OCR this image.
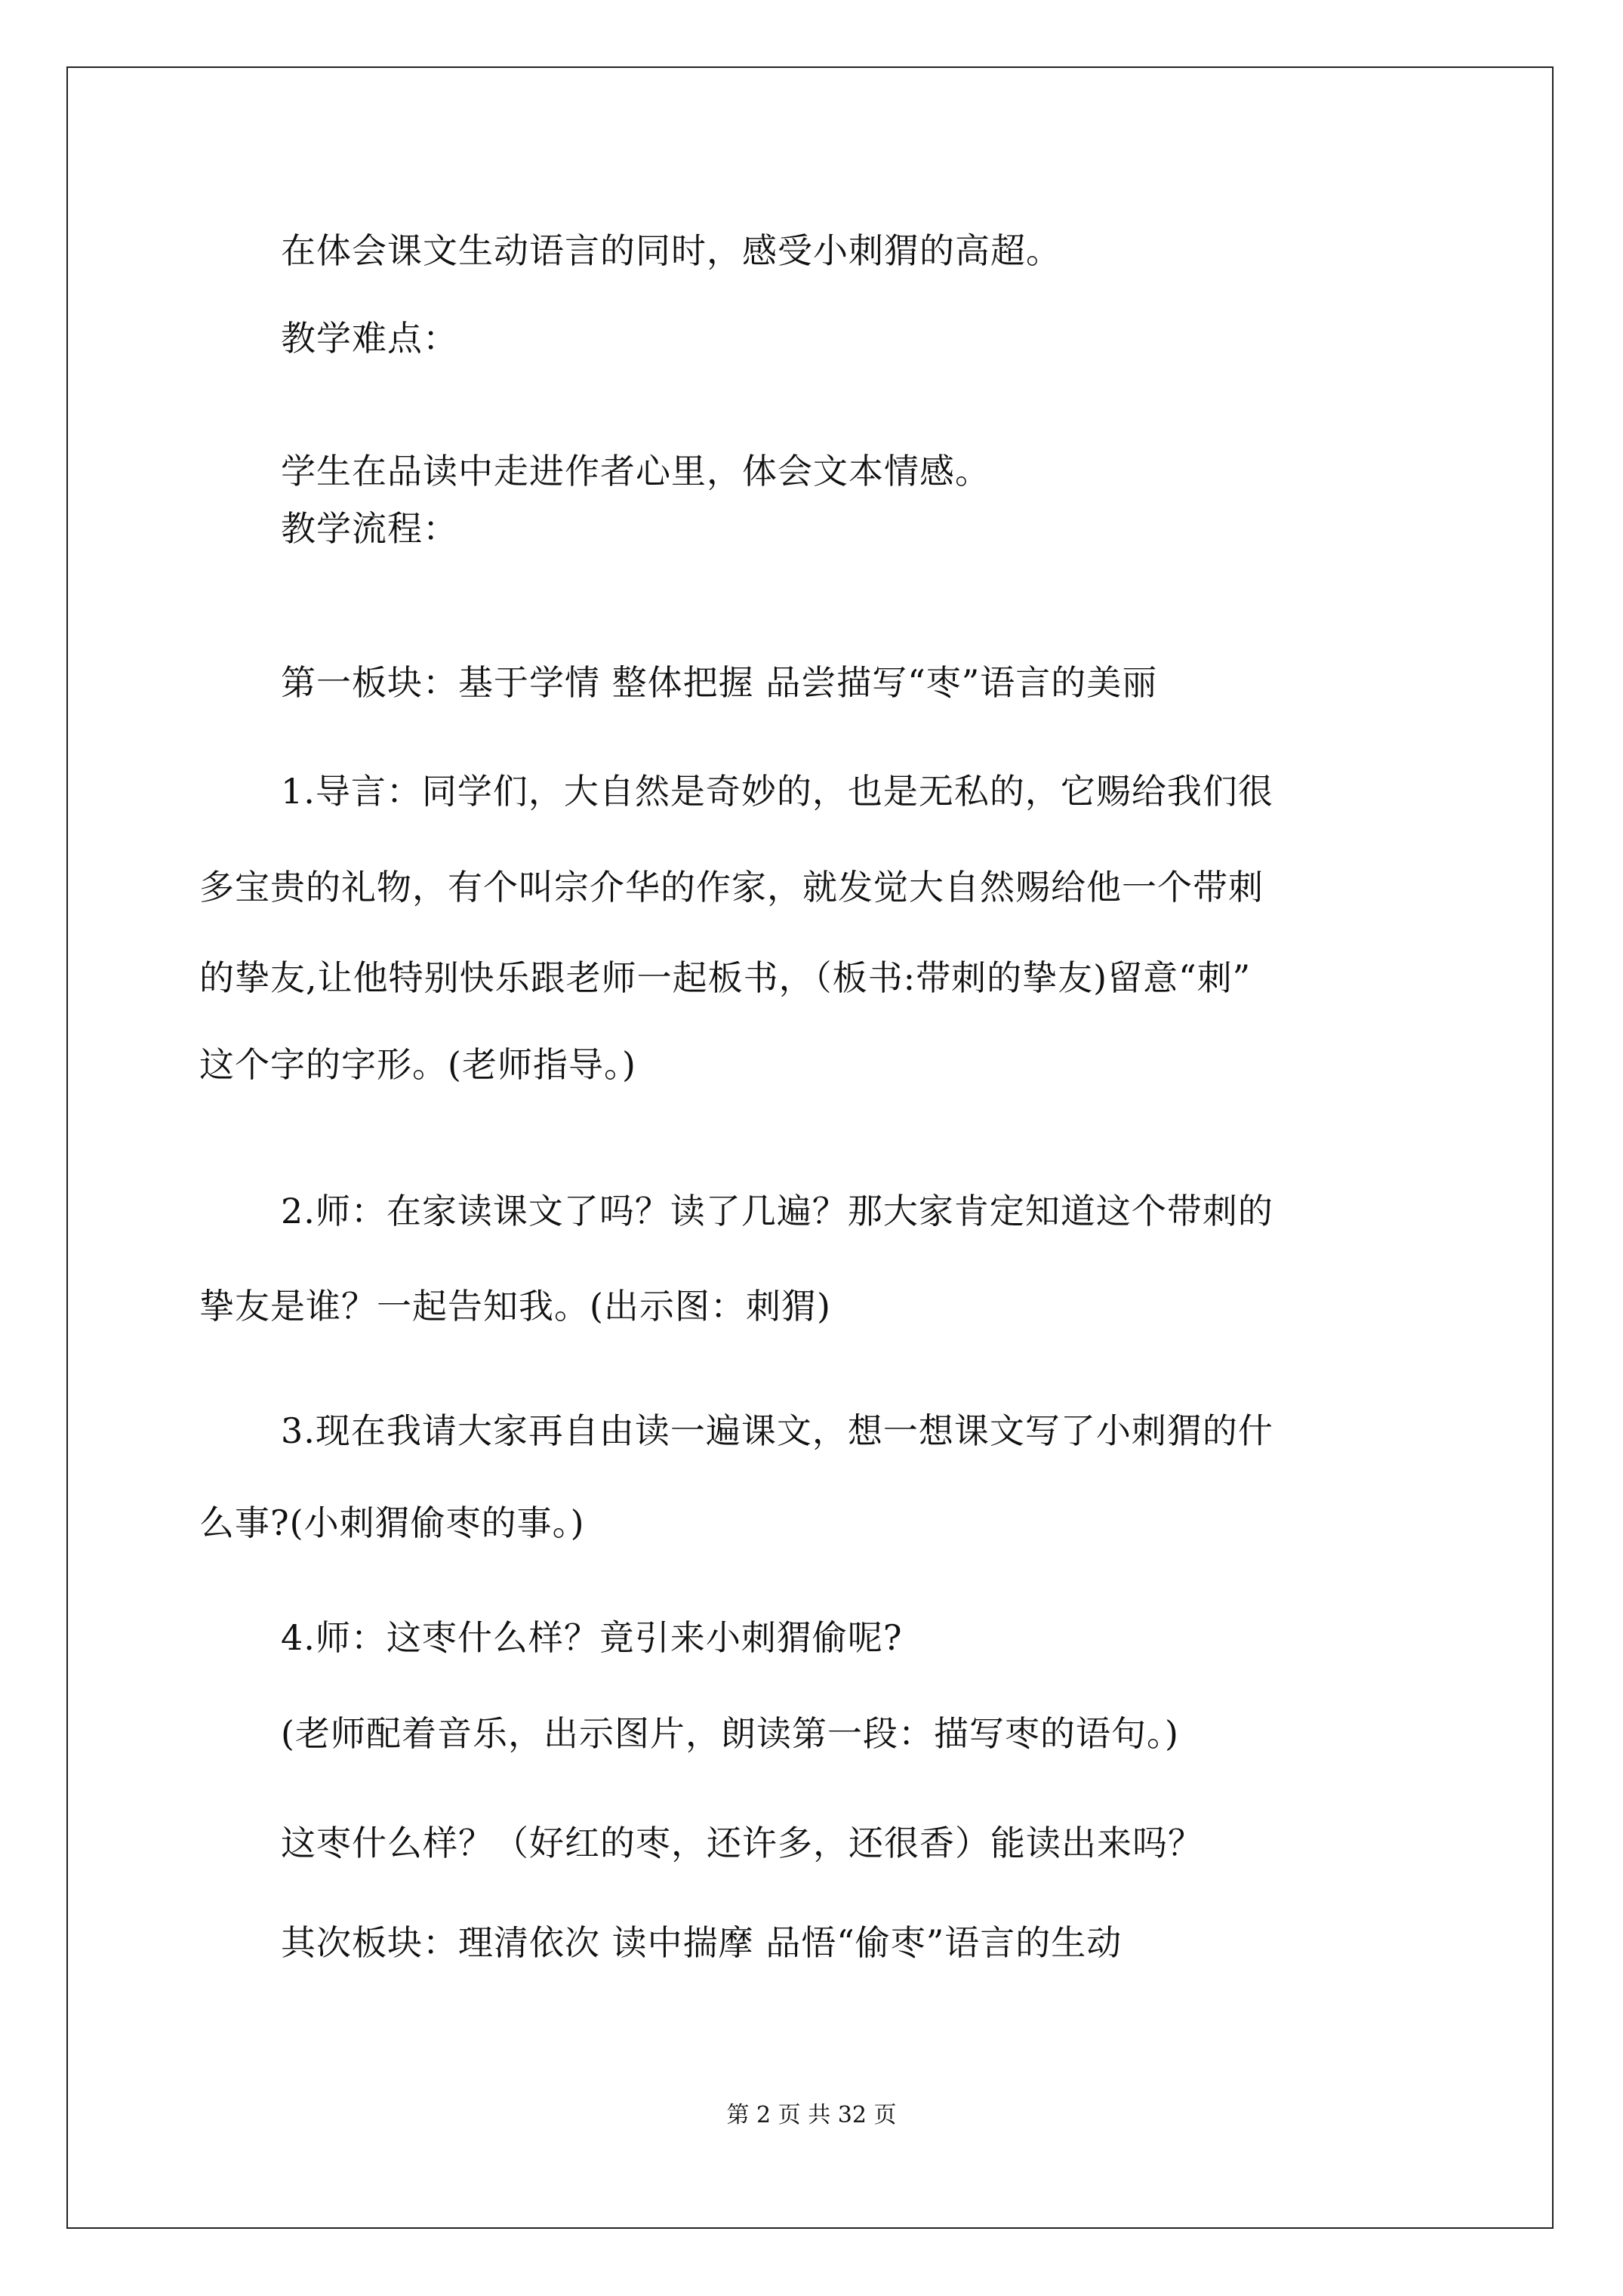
在体会课文生动语言的同时，感受小刺猬的高超。
教学难点：
学生在品读中走进作者心里，体会文本情感。
教学流程：
第一板块：基于学情 整体把握 品尝描写“枣”语言的美丽
1.导言：同学们，大自然是奇妙的，也是无私的，它赐给我们很
多宝贵的礼物，有个叫宗介华的作家，就发觉大自然赐给他一个带刺
的挚友,让他特别快乐跟老师一起板书，（板书:带刺的挚友)留意“刺”
这个字的字形。(老师指导。)
2.师：在家读课文了吗？读了几遍？那大家肯定知道这个带刺的
挚友是谁？一起告知我。(出示图：刺猬)
3.现在我请大家再自由读一遍课文，想一想课文写了小刺猬的什
么事?(小刺猬偷枣的事。)
4.师：这枣什么样？竟引来小刺猬偷呢?
(老师配着音乐，出示图片，朗读第一段：描写枣的语句。)
这枣什么样？（好红的枣，还许多，还很香）能读出来吗？
其次板块：理清依次 读中揣摩 品悟“偷枣”语言的生动
第 2 页 共 32 页
